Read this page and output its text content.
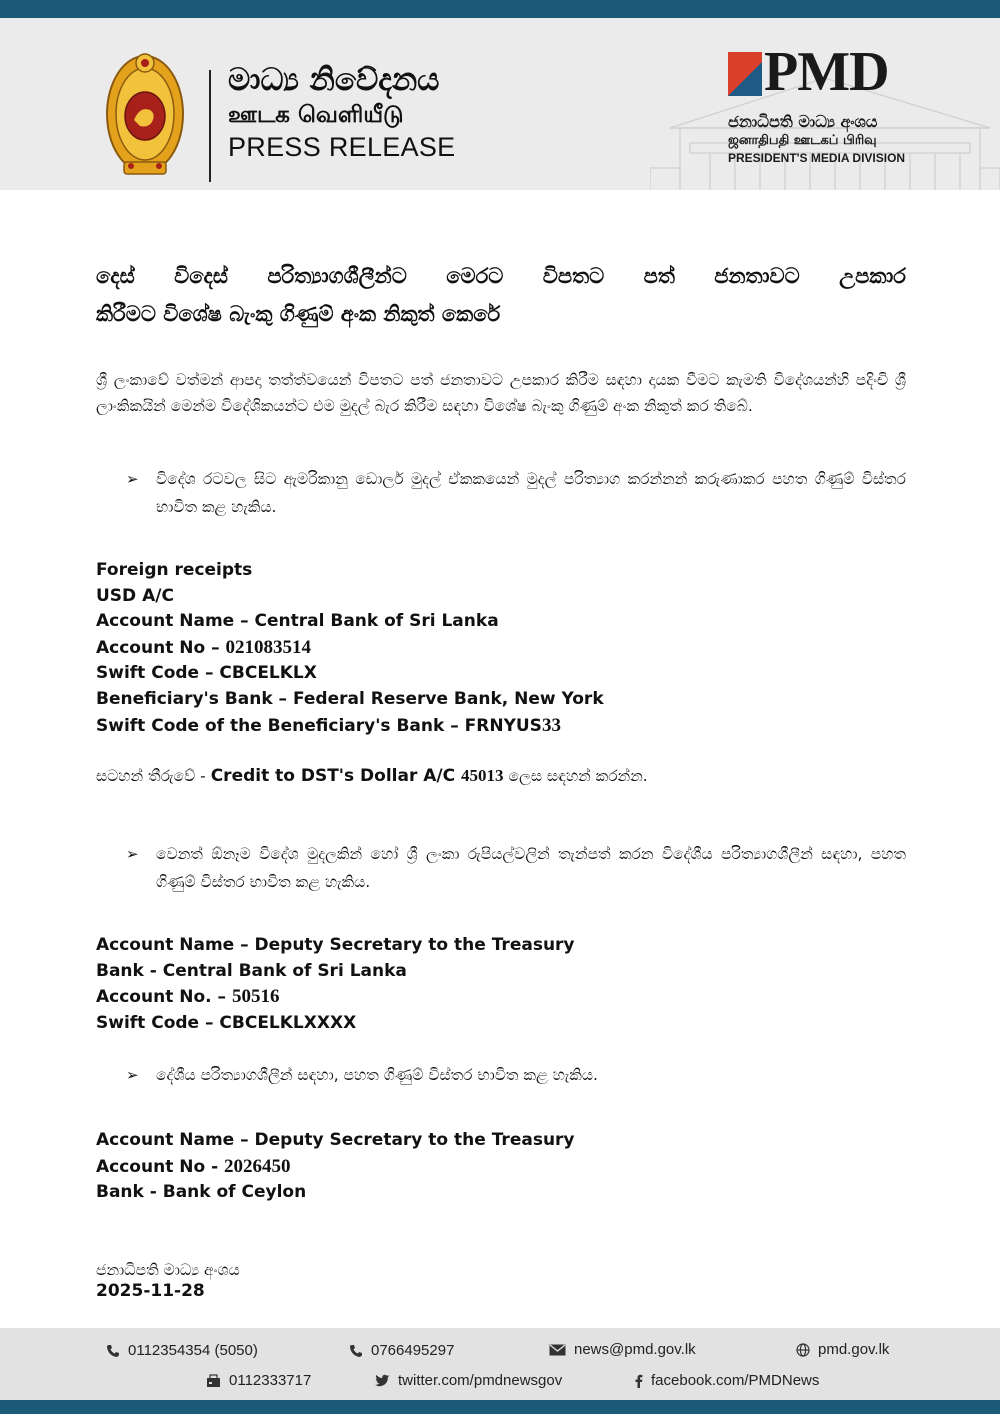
මාධ්‍ය නිවේදනය
ஊடக வெளியீடு
PRESS RELEASE
PMD
ජනාධිපති මාධ්‍ය අංශය
ஜனாதிபதி ஊடகப் பிரிவு
PRESIDENT'S MEDIA DIVISION
දෙස් විදෙස් පරිත්‍යාගශීලීන්ට මෙරට විපතට පත් ජනතාවට උපකාර
කිරීමට විශේෂ බැංකු ගිණුම් අංක නිකුත් කෙරේ
ශ්‍රී ලංකාවේ වත්මන් ආපදා තත්ත්වයෙන් විපතට පත් ජනතාවට උපකාර කිරීම සඳහා දායක වීමට කැමති විදේශයන්හි පදිංචි ශ්‍රී ලාංකිකයින් මෙන්ම විදේශිකයන්ට එම මුදල් බැර කිරීම සඳහා විශේෂ බැංකු ගිණුම් අංක නිකුත් කර තිබේ.
➢ විදේශ රටවල සිට ඇමරිකානු ඩොලර් මුදල් ඒකකයෙන් මුදල් පරිත්‍යාග කරන්නන් කරුණාකර පහත ගිණුම් විස්තර භාවිත කළ හැකිය.
Foreign receipts
USD A/C
Account Name – Central Bank of Sri Lanka
Account No – 021083514
Swift Code – CBCELKLX
Beneficiary's Bank – Federal Reserve Bank, New York
Swift Code of the Beneficiary's Bank – FRNYUS33
සටහන් තීරුවේ - Credit to DST's Dollar A/C 45013 ලෙස සඳහන් කරන්න.
➢ වෙනත් ඕනෑම විදේශ මුදලකින් හෝ ශ්‍රී ලංකා රුපියල්වලින් තැන්පත් කරන විදේශීය පරිත්‍යාගශීලීන් සඳහා, පහත ගිණුම් විස්තර භාවිත කළ හැකිය.
Account Name – Deputy Secretary to the Treasury
Bank - Central Bank of Sri Lanka
Account No. – 50516
Swift Code – CBCELKLXXXX
➢ දේශීය පරිත්‍යාගශීලීන් සඳහා, පහත ගිණුම් විස්තර භාවිත කළ හැකිය.
Account Name – Deputy Secretary to the Treasury
Account No - 2026450
Bank - Bank of Ceylon
ජනාධිපති මාධ්‍ය අංශය
2025-11-28
0112354354 (5050)	0766495297	news@pmd.gov.lk	pmd.gov.lk
0112333717	twitter.com/pmdnewsgov	facebook.com/PMDNews
